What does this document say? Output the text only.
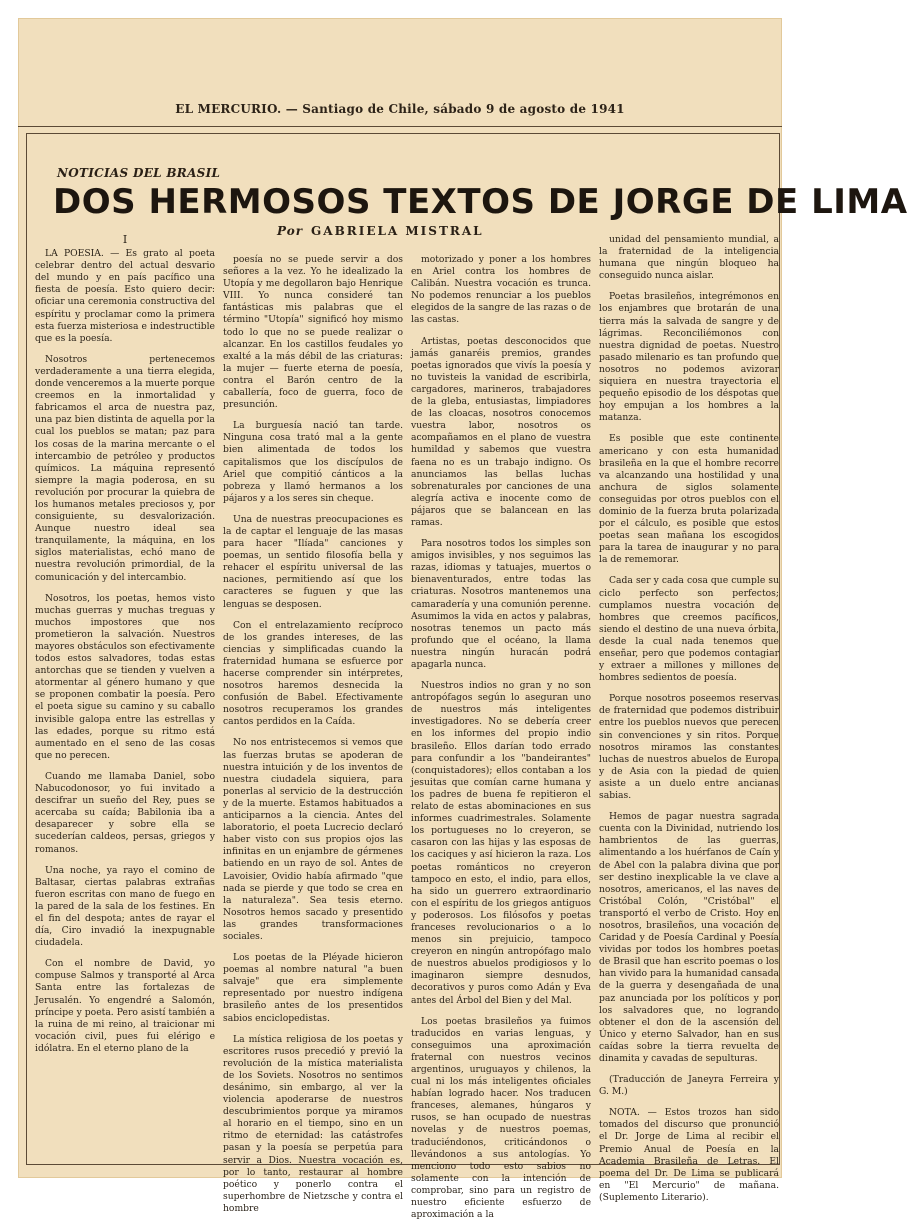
EL MERCURIO. — Santiago de Chile, sábado 9 de agosto de 1941
NOTICIAS DEL BRASIL
DOS HERMOSOS TEXTOS DE JORGE DE LIMA
Por GABRIELA MISTRAL
I

LA POESIA. — Es grato al poeta celebrar dentro del actual desvario del mundo y en país pacífico una fiesta de poesía. Esto quiero decir: oficiar una ceremonia constructiva del espíritu y proclamar como la primera esta fuerza misteriosa e indestructible que es la poesía.

Nosotros pertenecemos verdaderamente a una tierra elegida, donde venceremos a la muerte porque creemos en la inmortalidad y fabricamos el arca de nuestra paz, una paz bien distinta de aquella por la cual los pueblos se matan; paz para los cosas de la marina mercante o el intercambio de petróleo y productos químicos. La máquina representó siempre la magia poderosa, en su revolución por procurar la quiebra de los humanos metales preciosos y, por consiguiente, su desvalorización. Aunque nuestro ideal sea tranquilamente, la máquina, en los siglos materialistas, echó mano de nuestra revolución primordial, de la comunicación y del intercambio.

Nosotros, los poetas, hemos visto muchas guerras y muchas treguas y muchos impostores que nos prometieron la salvación. Nuestros mayores obstáculos son efectivamente todos estos salvadores, todas estas antorchas que se tienden y vuelven a atormentar al género humano y que se proponen combatir la poesía. Pero el poeta sigue su camino y su caballo invisible galopa entre las estrellas y las edades, porque su ritmo está aumentado en el seno de las cosas que no perecen.

Cuando me llamaba Daniel, sobo Nabucodonosor, yo fui invitado a descifrar un sueño del Rey, pues se acercaba su caída; Babilonia iba a desaparecer y sobre ella se sucederían caldeos, persas, griegos y romanos.

Una noche, ya rayo el comino de Baltasar, ciertas palabras extrañas fueron escritas con mano de fuego en la pared de la sala de los festines. En el fin del despota; antes de rayar el día, Ciro invadió la inexpugnable ciudadela.

Con el nombre de David, yo compuse Salmos y transporté al Arca Santa entre las fortalezas de Jerusalén. Yo engendré a Salomón, príncipe y poeta. Pero asistí también a la ruina de mi reino, al traicionar mi vocación civil, pues fui elérigo e idólatra. En el eterno plano de la

poesía no se puede servir a dos señores a la vez. Yo he idealizado la Utopía y me degollaron bajo Henrique VIII. Yo nunca consideré tan fantásticas mis palabras que el término "Utopía" significó hoy mismo todo lo que no se puede realizar o alcanzar. En los castillos feudales yo exalté a la más débil de las criaturas: la mujer — fuerte eterna de poesía, contra el Barón centro de la caballería, foco de guerra, foco de presunción.

La burguesía nació tan tarde. Ninguna cosa trató mal a la gente bien alimentada de todos los capitalismos que los discípulos de Ariel que compitió cánticos a la pobreza y llamó hermanos a los pájaros y a los seres sin cheque.

Una de nuestras preocupaciones es la de captar el lenguaje de las masas para hacer "Ilíada" canciones y poemas, un sentido filosofía bella y rehacer el espíritu universal de las naciones, permitiendo así que los caracteres se fuguen y que las lenguas se desposen.

Con el entrelazamiento recíproco de los grandes intereses, de las ciencias y simplificadas cuando la fraternidad humana se esfuerce por hacerse comprender sin intérpretes, nosotros haremos desnecida la confusión de Babel. Efectivamente nosotros recuperamos los grandes cantos perdidos en la Caída.

No nos entristecemos si vemos que las fuerzas brutas se apoderan de nuestra intuición y de los inventos de nuestra ciudadela siquiera, para ponerlas al servicio de la destrucción y de la muerte. Estamos habituados a anticiparnos a la ciencia. Antes del laboratorio, el poeta Lucrecio declaró haber visto con sus propios ojos las infinitas en un enjambre de gérmenes batiendo en un rayo de sol. Antes de Lavoisier, Ovidio había afirmado "que nada se pierde y que todo se crea en la naturaleza". Sea tesis eterno. Nosotros hemos sacado y presentido las grandes transformaciones sociales.

Los poetas de la Pléyade hicieron poemas al nombre natural "a buen salvaje" que era simplemente representado por nuestro indígena brasileño antes de los presentidos sabios enciclopedistas.

La mística religiosa de los poetas y escritores rusos precedió y previó la revolución de la mística materialista de los Soviets. Nosotros no sentimos desánimo, sin embargo, al ver la violencia apoderarse de nuestros descubrimientos porque ya miramos al horario en el tiempo, sino en un ritmo de eternidad: las catástrofes pasan y la poesía se perpetúa para servir a Dios. Nuestra vocación es, por lo tanto, restaurar al hombre poético y ponerlo contra el superhombre de Nietzsche y contra el hombre

motorizado y poner a los hombres en Ariel contra los hombres de Calibán. Nuestra vocación es trunca. No podemos renunciar a los pueblos elegidos de la sangre de las razas o de las castas.

Artistas, poetas desconocidos que jamás ganaréis premios, grandes poetas ignorados que vivís la poesía y no tuvisteis la vanidad de escribirla, cargadores, marineros, trabajadores de la gleba, entusiastas, limpiadores de las cloacas, nosotros conocemos vuestra labor, nosotros os acompañamos en el plano de vuestra humildad y sabemos que vuestra faena no es un trabajo indigno. Os anunciamos las bellas luchas sobrenaturales por canciones de una alegría activa e inocente como de pájaros que se balancean en las ramas.

Para nosotros todos los simples son amigos invisibles, y nos seguimos las razas, idiomas y tatuajes, muertos o bienaventurados, entre todas las criaturas. Nosotros mantenemos una camaradería y una comunión perenne. Asumimos la vida en actos y palabras, nosotras tenemos un pacto más profundo que el océano, la llama nuestra ningún huracán podrá apagarla nunca.

Nuestros indios no gran y no son antropófagos según lo aseguran uno de nuestros más inteligentes investigadores. No se debería creer en los informes del propio indio brasileño. Ellos darían todo errado para confundir a los "bandeirantes" (conquistadores); ellos contaban a los jesuitas que comían carne humana y los padres de buena fe repitieron el relato de estas abominaciones en sus informes cuadrimestrales. Solamente los portugueses no lo creyeron, se casaron con las hijas y las esposas de los caciques y así hicieron la raza. Los poetas románticos no creyeron tampoco en esto, el indio, para ellos, ha sido un guerrero extraordinario con el espíritu de los griegos antiguos y poderosos. Los filósofos y poetas franceses revolucionarios o a lo menos sin prejuicio, tampoco creyeron en ningún antropófago malo de nuestros abuelos prodigiosos y lo imaginaron siempre desnudos, decorativos y puros como Adán y Eva antes del Árbol del Bien y del Mal.

Los poetas brasileños ya fuimos traducidos en varias lenguas, y conseguimos una aproximación fraternal con nuestros vecinos argentinos, uruguayos y chilenos, la cual ni los más inteligentes oficiales habían logrado hacer. Nos traducen franceses, alemanes, húngaros y rusos, se han ocupado de nuestras novelas y de nuestros poemas, traduciéndonos, criticándonos o llevándonos a sus antologías. Yo menciono todo esto sabios no solamente con la intención de comprobar, sino para un registro de nuestro eficiente esfuerzo de aproximación a la

unidad del pensamiento mundial, a la fraternidad de la inteligencia humana que ningún bloqueo ha conseguido nunca aislar.

Poetas brasileños, integrémonos en los enjambres que brotarán de una tierra más la salvada de sangre y de lágrimas. Reconciliémonos con nuestra dignidad de poetas. Nuestro pasado milenario es tan profundo que nosotros no podemos avizorar siquiera en nuestra trayectoria el pequeño episodio de los déspotas que hoy empujan a los hombres a la matanza.

Es posible que este continente americano y con esta humanidad brasileña en la que el hombre recorre va alcanzando una hostilidad y una anchura de siglos solamente conseguidas por otros pueblos con el dominio de la fuerza bruta polarizada por el cálculo, es posible que estos poetas sean mañana los escogidos para la tarea de inaugurar y no para la de rememorar.

Cada ser y cada cosa que cumple su ciclo perfecto son perfectos; cumplamos nuestra vocación de hombres que creemos pacíficos, siendo el destino de una nueva órbita, desde la cual nada tenemos que enseñar, pero que podemos contagiar y extraer a millones y millones de hombres sedientos de poesía.

Porque nosotros poseemos reservas de fraternidad que podemos distribuir entre los pueblos nuevos que perecen sin convenciones y sin ritos. Porque nosotros miramos las constantes luchas de nuestros abuelos de Europa y de Asia con la piedad de quien asiste a un duelo entre ancianas sabias.

Hemos de pagar nuestra sagrada cuenta con la Divinidad, nutriendo los hambrientos de las guerras, alimentando a los huérfanos de Caín y de Abel con la palabra divina que por ser destino inexplicable la ve clave a nosotros, americanos, el las naves de Cristóbal Colón, "Cristóbal" el transportó el verbo de Cristo. Hoy en nosotros, brasileños, una vocación de Caridad y de Poesía Cardinal y Poesía vividas por todos los hombres poetas de Brasil que han escrito poemas o los han vivido para la humanidad cansada de la guerra y desengañada de una paz anunciada por los políticos y por los salvadores que, no logrando obtener el don de la ascensión del Único y eterno Salvador, han en sus caídas sobre la tierra revuelta de dinamita y cavadas de sepulturas.

(Traducción de Janeyra Ferreira y G. M.)

NOTA. — Estos trozos han sido tomados del discurso que pronunció el Dr. Jorge de Lima al recibir el Premio Anual de Poesía en la Academia Brasileña de Letras. El poema del Dr. De Lima se publicará en "El Mercurio" de mañana. (Suplemento Literario).
